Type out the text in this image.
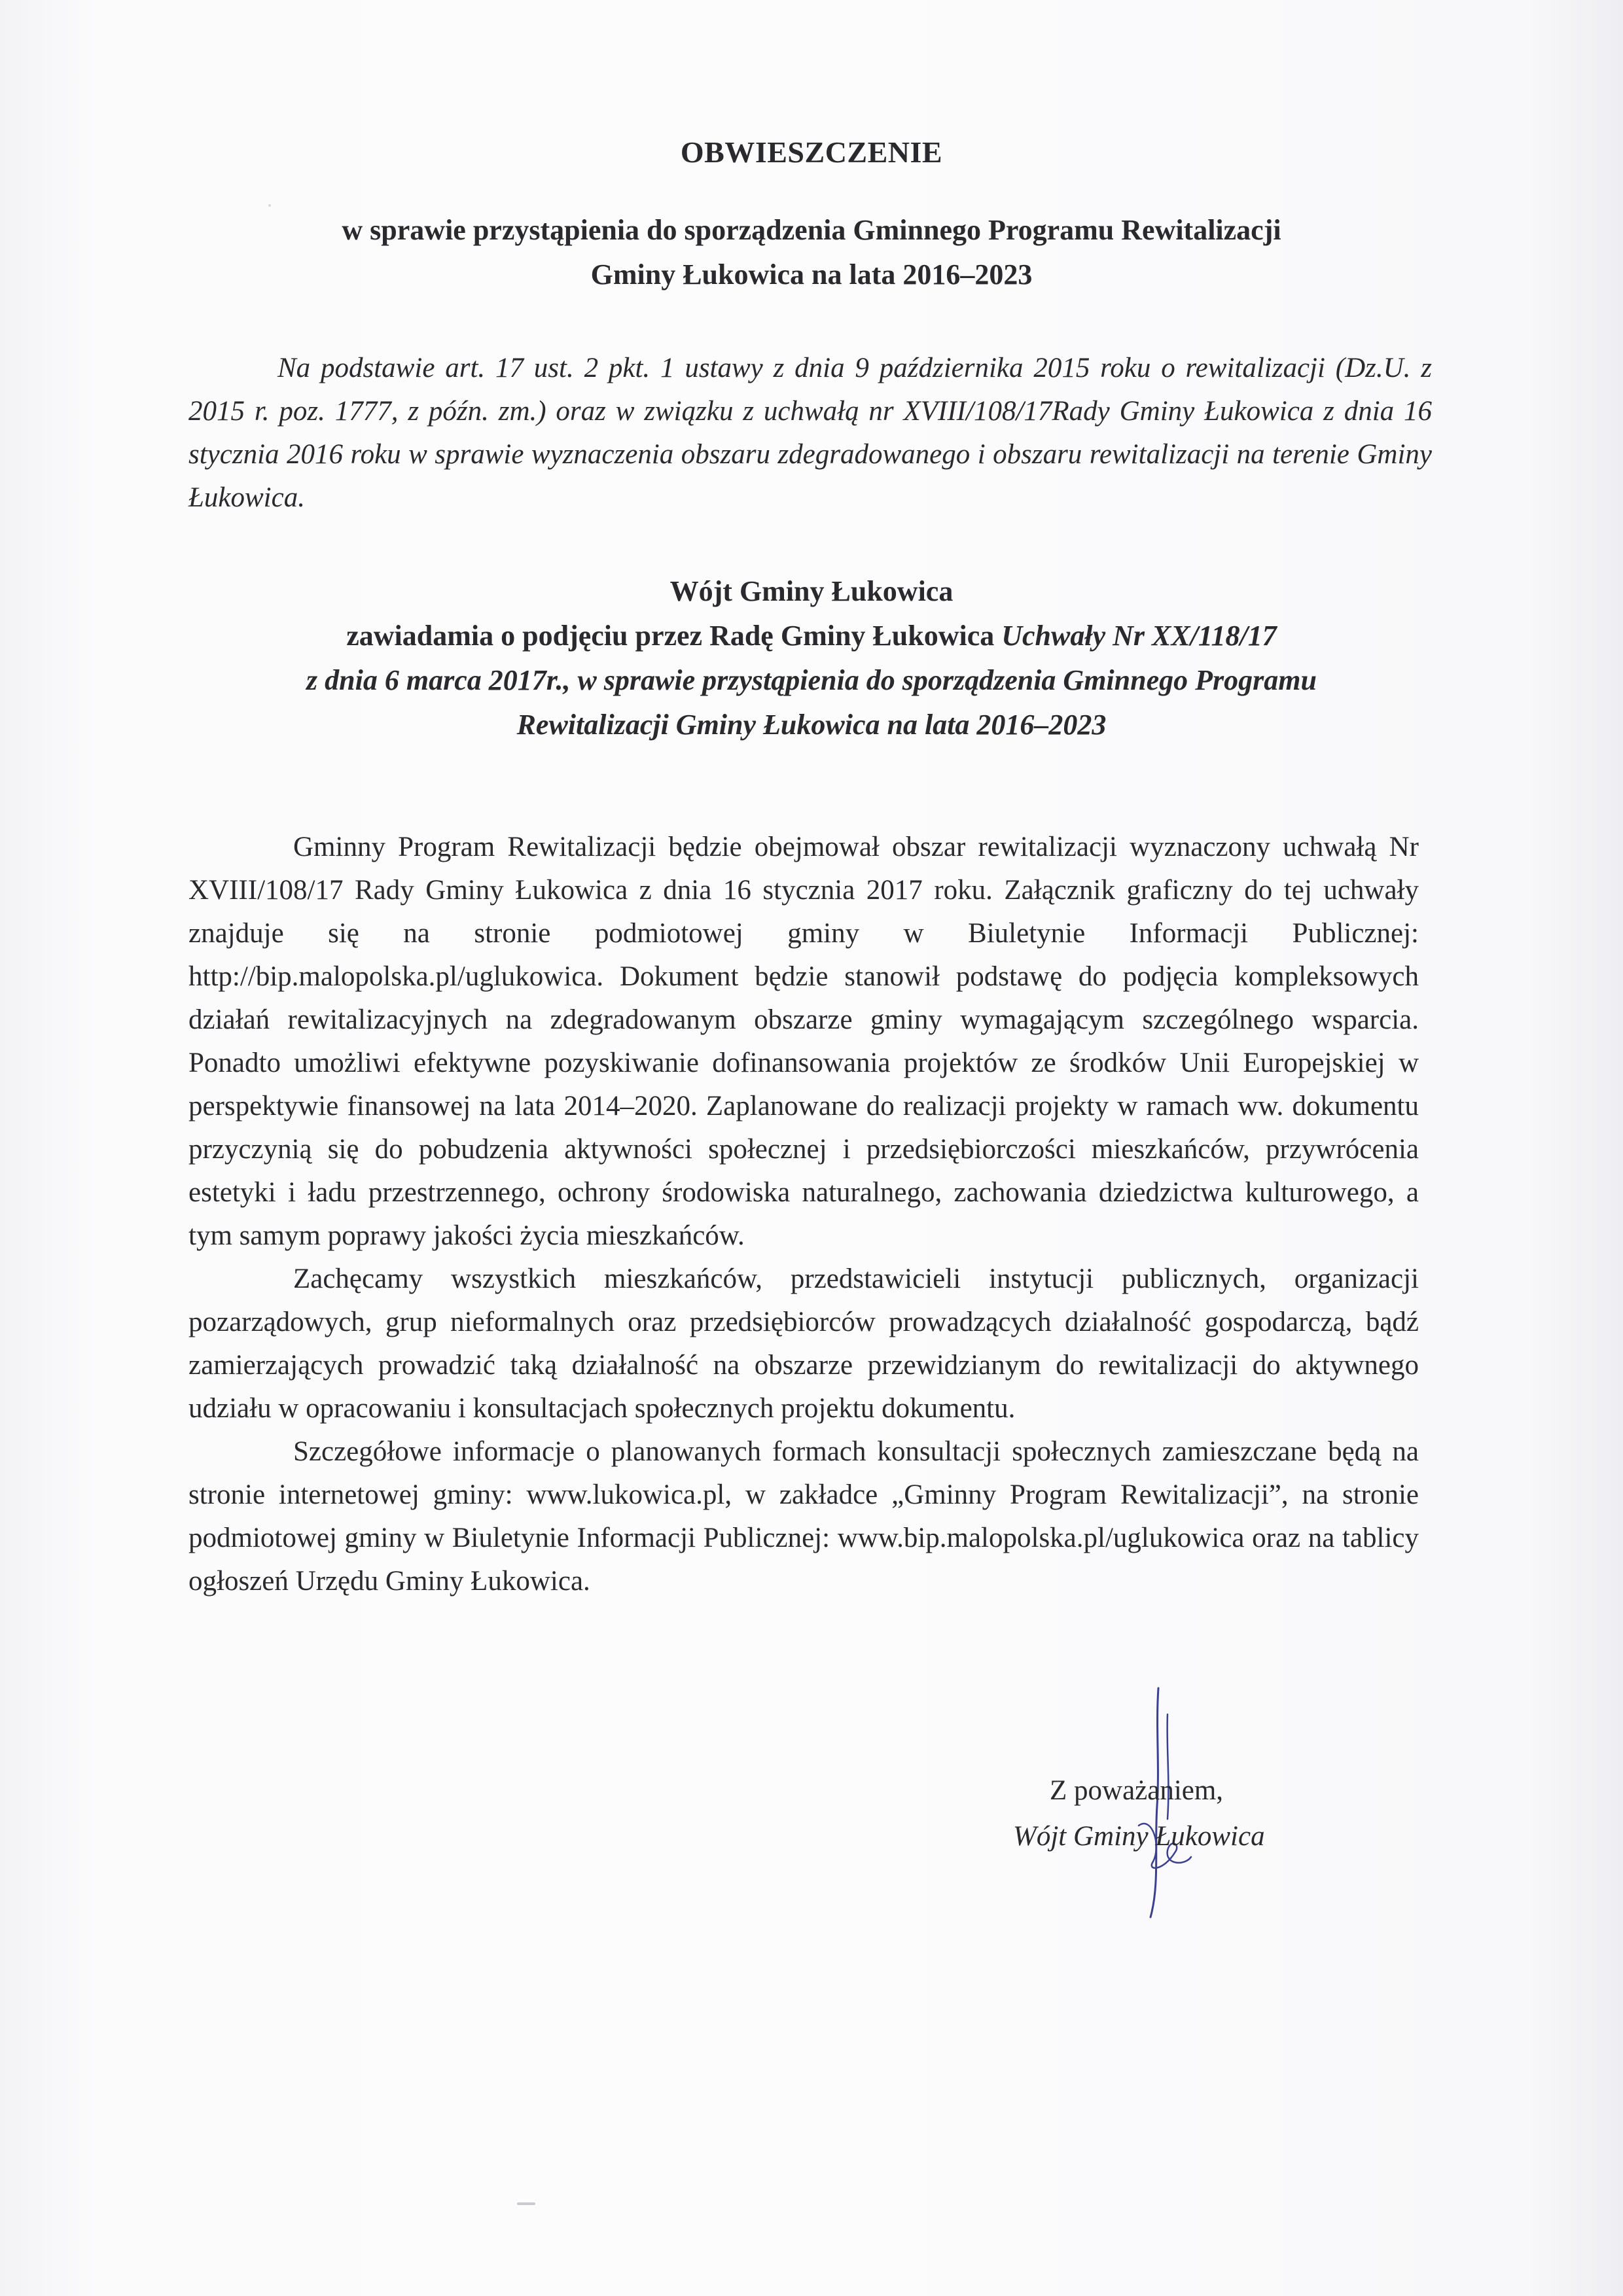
OBWIESZCZENIE
w sprawie przystąpienia do sporządzenia Gminnego Programu Rewitalizacji
Gminy Łukowica na lata 2016–2023
Na podstawie art. 17 ust. 2 pkt. 1 ustawy z dnia 9 października 2015 roku o rewitalizacji (Dz.U. z 2015 r. poz. 1777, z późn. zm.) oraz w związku z uchwałą nr XVIII/108/17Rady Gminy Łukowica z dnia 16 stycznia 2016 roku w sprawie wyznaczenia obszaru zdegradowanego i obszaru rewitalizacji na terenie Gminy Łukowica.
Wójt Gminy Łukowica
zawiadamia o podjęciu przez Radę Gminy Łukowica Uchwały Nr XX/118/17
z dnia 6 marca 2017r., w sprawie przystąpienia do sporządzenia Gminnego Programu
Rewitalizacji Gminy Łukowica na lata 2016–2023

Gminny Program Rewitalizacji będzie obejmował obszar rewitalizacji wyznaczony uchwałą Nr XVIII/108/17 Rady Gminy Łukowica z dnia 16 stycznia 2017 roku. Załącznik graficzny do tej uchwały znajduje się na stronie podmiotowej gminy w Biuletynie Informacji Publicznej: http://bip.malopolska.pl/uglukowica. Dokument będzie stanowił podstawę do podjęcia kompleksowych działań rewitalizacyjnych na zdegradowanym obszarze gminy wymagającym szczególnego wsparcia. Ponadto umożliwi efektywne pozyskiwanie dofinansowania projektów ze środków Unii Europejskiej w perspektywie finansowej na lata 2014–2020. Zaplanowane do realizacji projekty w ramach ww. dokumentu przyczynią się do pobudzenia aktywności społecznej i przedsiębiorczości mieszkańców, przywrócenia estetyki i ładu przestrzennego, ochrony środowiska naturalnego, zachowania dziedzictwa kulturowego, a tym samym poprawy jakości życia mieszkańców.

Zachęcamy wszystkich mieszkańców, przedstawicieli instytucji publicznych, organizacji pozarządowych, grup nieformalnych oraz przedsiębiorców prowadzących działalność gospodarczą, bądź zamierzających prowadzić taką działalność na obszarze przewidzianym do rewitalizacji do aktywnego udziału w opracowaniu i konsultacjach społecznych projektu dokumentu.

Szczegółowe informacje o planowanych formach konsultacji społecznych zamieszczane będą na stronie internetowej gminy: www.lukowica.pl, w zakładce „Gminny Program Rewitalizacji”, na stronie podmiotowej gminy w Biuletynie Informacji Publicznej: www.bip.malopolska.pl/uglukowica oraz na tablicy ogłoszeń Urzędu Gminy Łukowica.

Z poważaniem,
Wójt Gminy Łukowica
